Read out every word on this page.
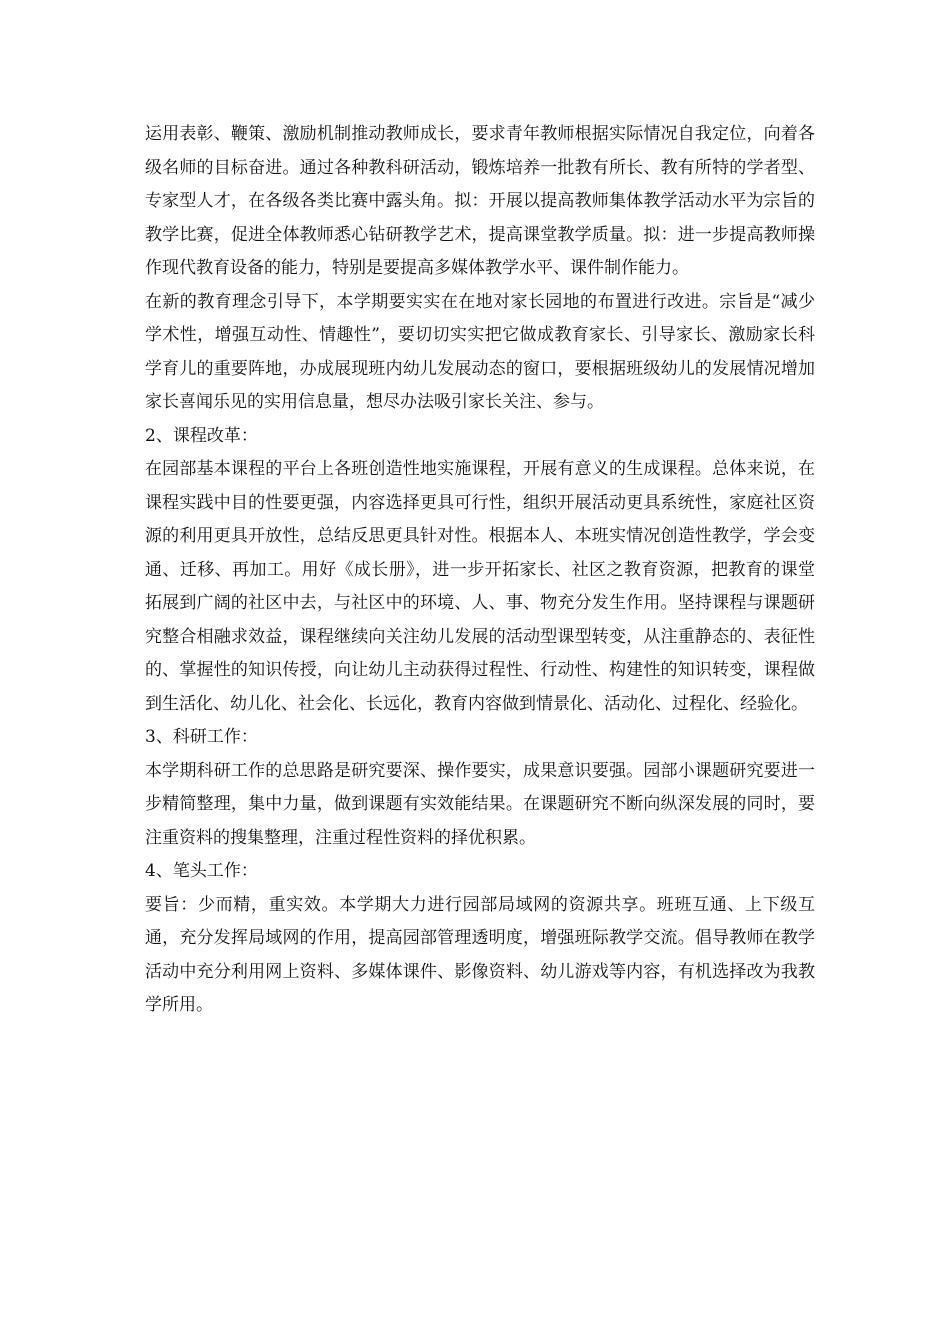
运用表彰、鞭策、激励机制推动教师成长，要求青年教师根据实际情况自我定位，向着各级名师的目标奋进。通过各种教科研活动，锻炼培养一批教有所长、教有所特的学者型、专家型人才，在各级各类比赛中露头角。拟：开展以提高教师集体教学活动水平为宗旨的教学比赛，促进全体教师悉心钻研教学艺术，提高课堂教学质量。拟：进一步提高教师操作现代教育设备的能力，特别是要提高多媒体教学水平、课件制作能力。

在新的教育理念引导下，本学期要实实在在地对家长园地的布置进行改进。宗旨是“减少学术性，增强互动性、情趣性”，要切切实实把它做成教育家长、引导家长、激励家长科学育儿的重要阵地，办成展现班内幼儿发展动态的窗口，要根据班级幼儿的发展情况增加家长喜闻乐见的实用信息量，想尽办法吸引家长关注、参与。

2、课程改革：

在园部基本课程的平台上各班创造性地实施课程，开展有意义的生成课程。总体来说，在课程实践中目的性要更强，内容选择更具可行性，组织开展活动更具系统性，家庭社区资源的利用更具开放性，总结反思更具针对性。根据本人、本班实情况创造性教学，学会变通、迁移、再加工。用好《成长册》，进一步开拓家长、社区之教育资源，把教育的课堂拓展到广阔的社区中去，与社区中的环境、人、事、物充分发生作用。坚持课程与课题研究整合相融求效益，课程继续向关注幼儿发展的活动型课型转变，从注重静态的、表征性的、掌握性的知识传授，向让幼儿主动获得过程性、行动性、构建性的知识转变，课程做到生活化、幼儿化、社会化、长远化，教育内容做到情景化、活动化、过程化、经验化。

3、科研工作：

本学期科研工作的总思路是研究要深、操作要实，成果意识要强。园部小课题研究要进一步精简整理，集中力量，做到课题有实效能结果。在课题研究不断向纵深发展的同时，要注重资料的搜集整理，注重过程性资料的择优积累。

4、笔头工作：

要旨：少而精，重实效。本学期大力进行园部局域网的资源共享。班班互通、上下级互通，充分发挥局域网的作用，提高园部管理透明度，增强班际教学交流。倡导教师在教学活动中充分利用网上资料、多媒体课件、影像资料、幼儿游戏等内容，有机选择改为我教学所用。
